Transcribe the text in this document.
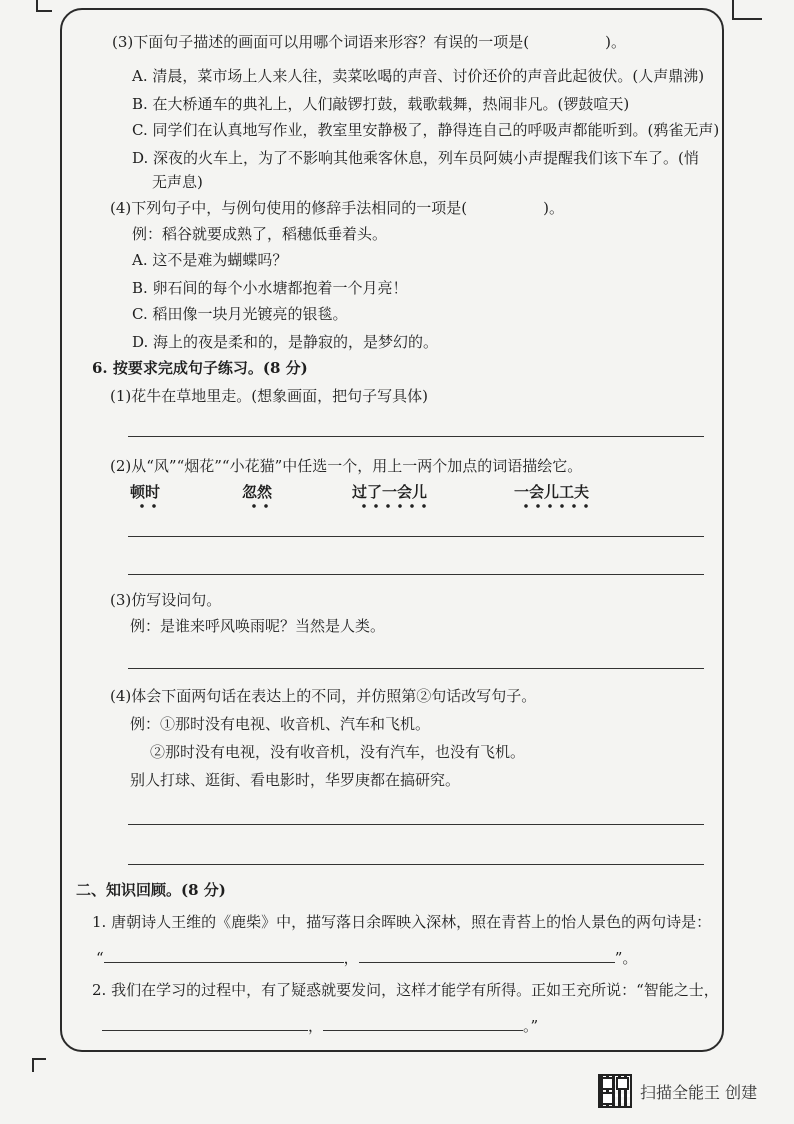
(3)下面句子描述的画面可以用哪个词语来形容？有误的一项是(	)。
A. 清晨，菜市场上人来人往，卖菜吆喝的声音、讨价还价的声音此起彼伏。(人声鼎沸)
B. 在大桥通车的典礼上，人们敲锣打鼓，载歌载舞，热闹非凡。(锣鼓喧天)
C. 同学们在认真地写作业，教室里安静极了，静得连自己的呼吸声都能听到。(鸦雀无声)
D. 深夜的火车上，为了不影响其他乘客休息，列车员阿姨小声提醒我们该下车了。(悄
无声息)
(4)下列句子中，与例句使用的修辞手法相同的一项是(	)。
例：稻谷就要成熟了，稻穗低垂着头。
A. 这不是难为蝴蝶吗？
B. 卵石间的每个小水塘都抱着一个月亮！
C. 稻田像一块月光镀亮的银毯。
D. 海上的夜是柔和的，是静寂的，是梦幻的。
6. 按要求完成句子练习。(8 分)
(1)花牛在草地里走。(想象画面，把句子写具体)
(2)从“风”“烟花”“小花猫”中任选一个，用上一两个加点的词语描绘它。
顿时	忽然	过了一会儿	一会儿工夫
(3)仿写设问句。
例：是谁来呼风唤雨呢？当然是人类。
(4)体会下面两句话在表达上的不同，并仿照第②句话改写句子。
例：①那时没有电视、收音机、汽车和飞机。
②那时没有电视，没有收音机，没有汽车，也没有飞机。
别人打球、逛街、看电影时，华罗庚都在搞研究。
二、知识回顾。(8 分)
1. 唐朝诗人王维的《鹿柴》中，描写落日余晖映入深林，照在青苔上的怡人景色的两句诗是：
“	，	”。
2. 我们在学习的过程中，有了疑惑就要发问，这样才能学有所得。正如王充所说：“智能之士，
，	。”
扫描全能王 创建
